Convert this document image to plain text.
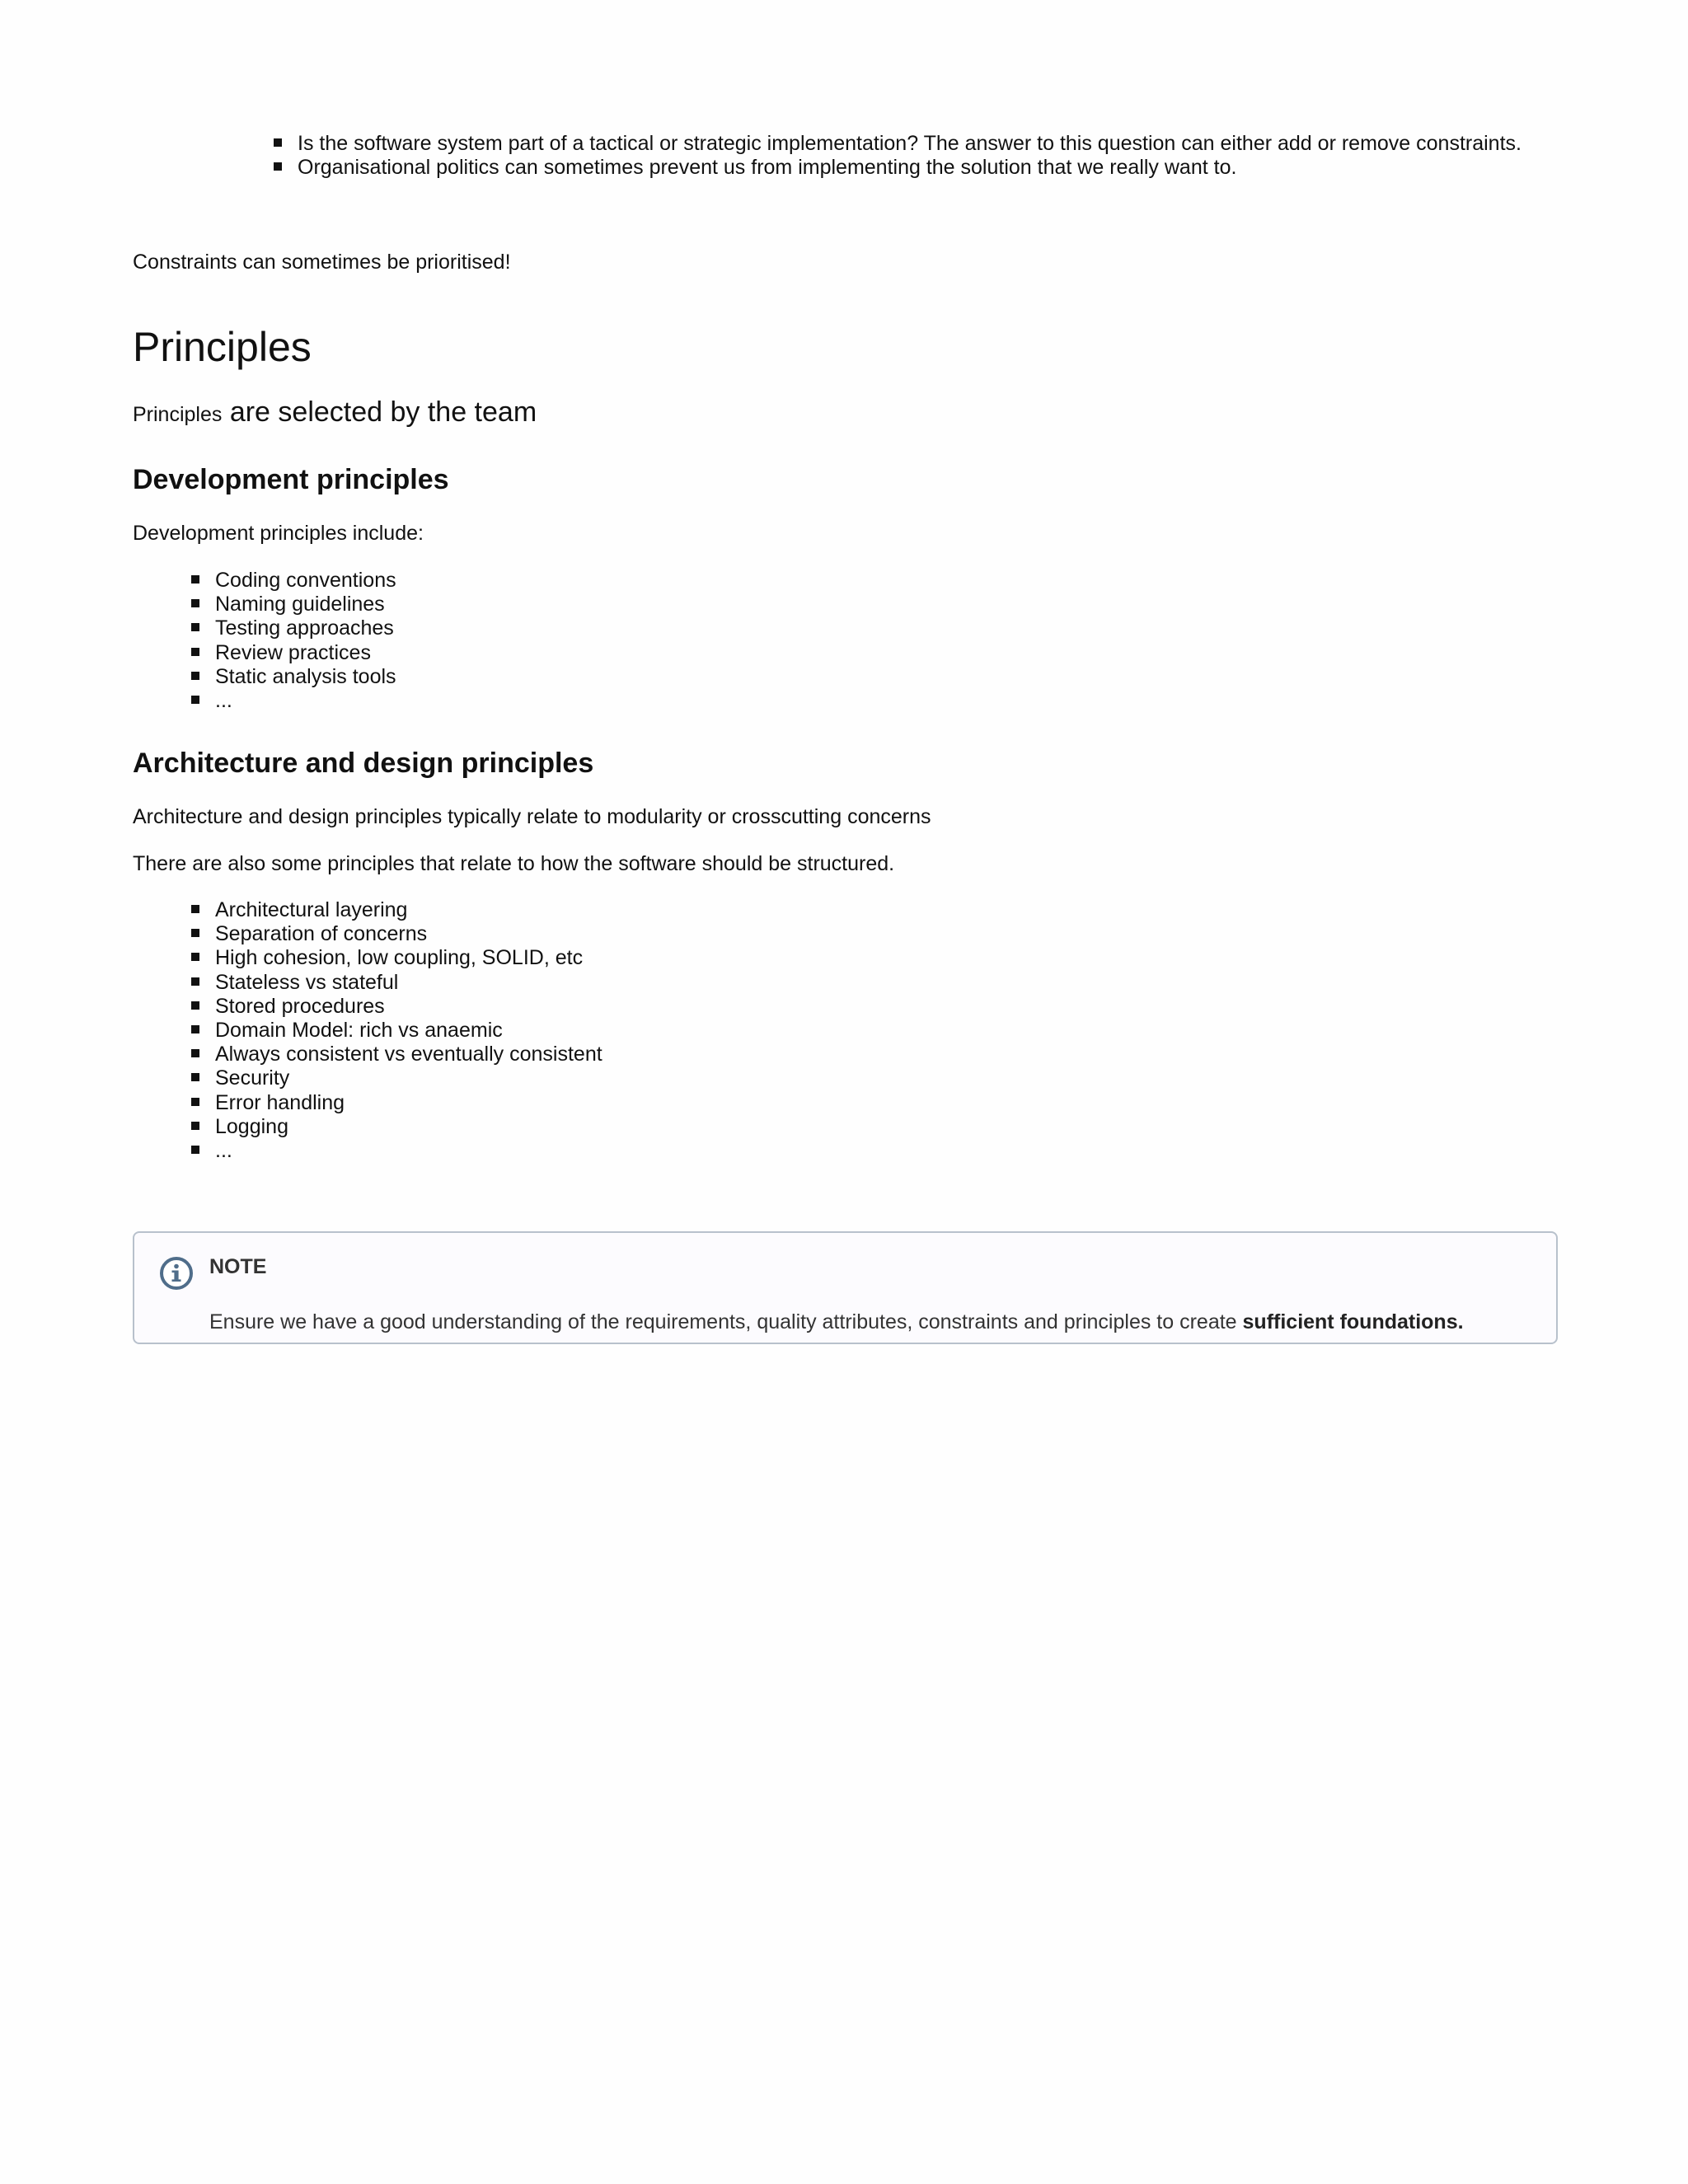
Is the software system part of a tactical or strategic implementation? The answer to this question can either add or remove constraints.
Organisational politics can sometimes prevent us from implementing the solution that we really want to.

Constraints can sometimes be prioritised!

Principles

Principles are selected by the team

Development principles

Development principles include:

Coding conventions
Naming guidelines
Testing approaches
Review practices
Static analysis tools
...
Architecture and design principles

Architecture and design principles typically relate to modularity or crosscutting concerns

There are also some principles that relate to how the software should be structured.

Architectural layering
Separation of concerns
High cohesion, low coupling, SOLID, etc
Stateless vs stateful
Stored procedures
Domain Model: rich vs anaemic
Always consistent vs eventually consistent
Security
Error handling
Logging
...
NOTE
Ensure we have a good understanding of the requirements, quality attributes, constraints and principles to create sufficient foundations.
